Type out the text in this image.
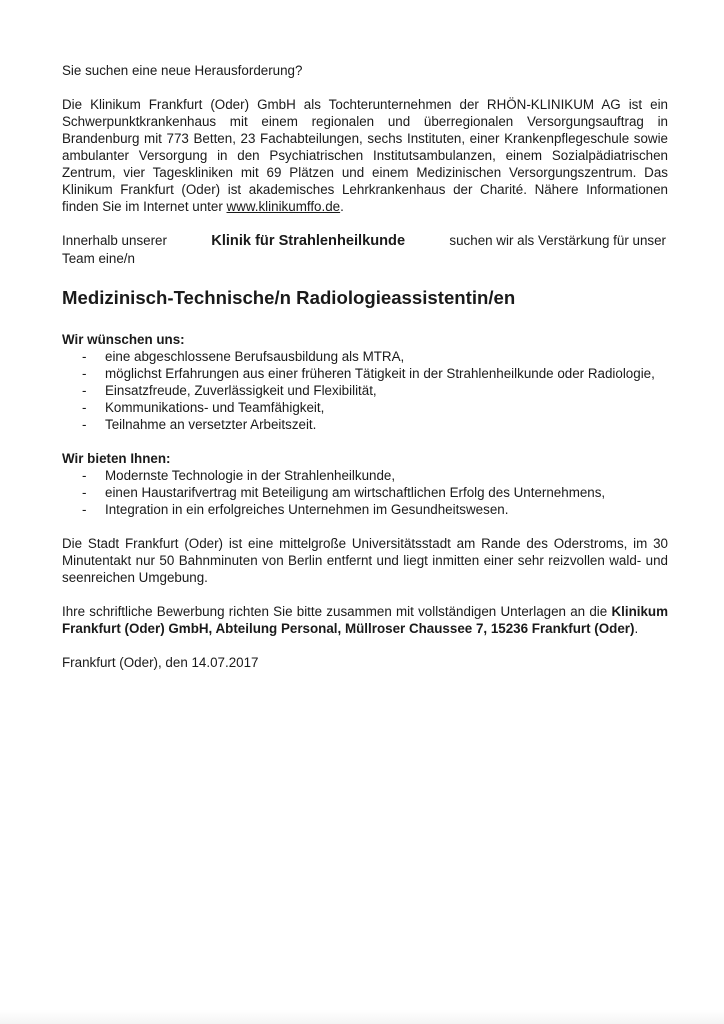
Sie suchen eine neue Herausforderung?

Die Klinikum Frankfurt (Oder) GmbH als Tochterunternehmen der RHÖN-KLINIKUM AG ist ein Schwerpunktkrankenhaus mit einem regionalen und überregionalen Versorgungsauftrag in Brandenburg mit 773 Betten, 23 Fachabteilungen, sechs Instituten, einer Krankenpflegeschule sowie ambulanter Versorgung in den Psychiatrischen Institutsambulanzen, einem Sozialpädiatrischen Zentrum, vier Tageskliniken mit 69 Plätzen und einem Medizinischen Versorgungszentrum. Das Klinikum Frankfurt (Oder) ist akademisches Lehrkrankenhaus der Charité. Nähere Informationen finden Sie im Internet unter www.klinikumffo.de.

Innerhalb unserer	Klinik für Strahlenheilkunde	suchen wir als Verstärkung für unser
Team eine/n
Medizinisch-Technische/n Radiologieassistentin/en

Wir wünschen uns:

- eine abgeschlossene Berufsausbildung als MTRA,
- möglichst Erfahrungen aus einer früheren Tätigkeit in der Strahlenheilkunde oder Radiologie,
- Einsatzfreude, Zuverlässigkeit und Flexibilität,
- Kommunikations- und Teamfähigkeit,
- Teilnahme an versetzter Arbeitszeit.

Wir bieten Ihnen:

- Modernste Technologie in der Strahlenheilkunde,
- einen Haustarifvertrag mit Beteiligung am wirtschaftlichen Erfolg des Unternehmens,
- Integration in ein erfolgreiches Unternehmen im Gesundheitswesen.

Die Stadt Frankfurt (Oder) ist eine mittelgroße Universitätsstadt am Rande des Oderstroms, im 30 Minutentakt nur 50 Bahnminuten von Berlin entfernt und liegt inmitten einer sehr reizvollen wald- und seenreichen Umgebung.

Ihre schriftliche Bewerbung richten Sie bitte zusammen mit vollständigen Unterlagen an die Klinikum Frankfurt (Oder) GmbH, Abteilung Personal, Müllroser Chaussee 7, 15236 Frankfurt (Oder).

Frankfurt (Oder), den 14.07.2017
